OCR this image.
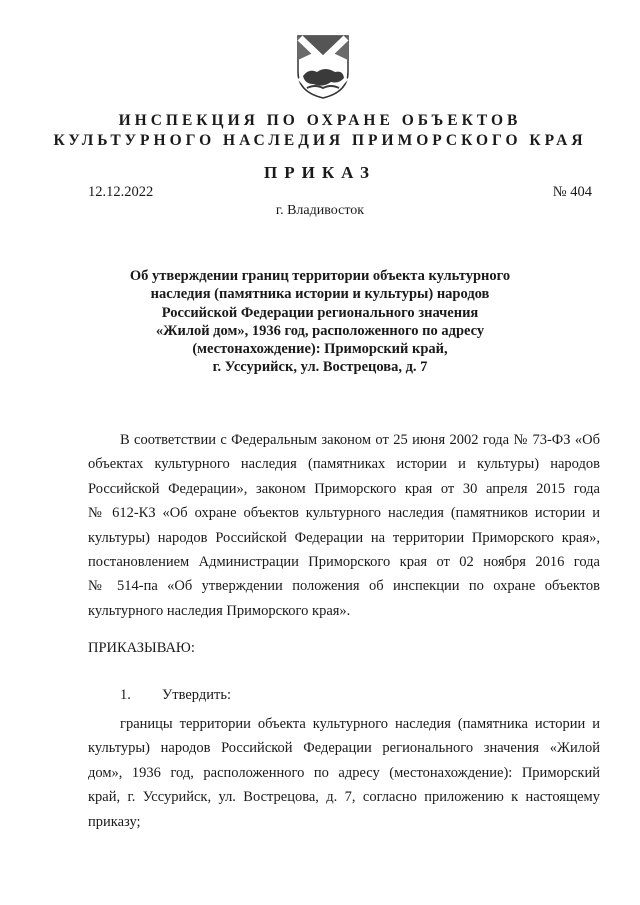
ИНСПЕКЦИЯ ПО ОХРАНЕ ОБЪЕКТОВ
КУЛЬТУРНОГО НАСЛЕДИЯ ПРИМОРСКОГО КРАЯ
ПРИКАЗ
12.12.2022	№ 404
г. Владивосток
Об утверждении границ территории объекта культурного
наследия (памятника истории и культуры) народов
Российской Федерации регионального значения
«Жилой дом», 1936 год, расположенного по адресу
(местонахождение): Приморский край,
г. Уссурийск, ул. Вострецова, д. 7
В соответствии с Федеральным законом от 25 июня 2002 года № 73-ФЗ «Об
объектах культурного наследия (памятниках истории и культуры) народов
Российской Федерации», законом Приморского края от 30 апреля 2015 года
№ 612-КЗ «Об охране объектов культурного наследия (памятников истории и
культуры) народов Российской Федерации на территории Приморского края»,
постановлением Администрации Приморского края от 02 ноября 2016 года
№ 514-па «Об утверждении положения об инспекции по охране объектов
культурного наследия Приморского края».
ПРИКАЗЫВАЮ:
1. Утвердить:
границы территории объекта культурного наследия (памятника истории и
культуры) народов Российской Федерации регионального значения «Жилой
дом», 1936 год, расположенного по адресу (местонахождение): Приморский
край, г. Уссурийск, ул. Вострецова, д. 7, согласно приложению к настоящему
приказу;
